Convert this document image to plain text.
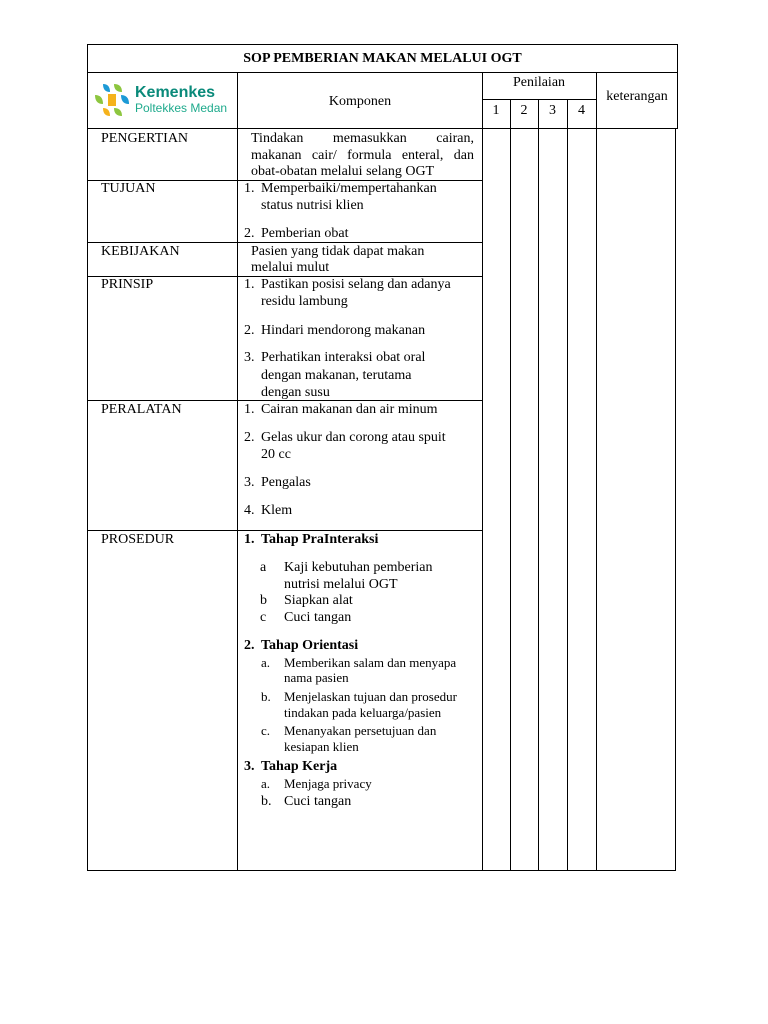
SOP PEMBERIAN MAKAN MELALUI OGT
Kemenkes
Poltekkes Medan	Komponen
Penilaian
1	2	3	4
keterangan
PENGERTIAN	Tindakan memasukkan cairan,
makanan cair/ formula enteral, dan
obat-obatan melalui selang OGT
TUJUAN	1. Memperbaiki/mempertahankan
status nutrisi klien
2. Pemberian obat
KEBIJAKAN	Pasien yang tidak dapat makan
melalui mulut
PRINSIP	1. Pastikan posisi selang dan adanya
residu lambung
2. Hindari mendorong makanan
3. Perhatikan interaksi obat oral
dengan makanan, terutama
dengan susu
PERALATAN	1. Cairan makanan dan air minum
2. Gelas ukur dan corong atau spuit
20 cc
3. Pengalas
4. Klem
PROSEDUR	1. Tahap PraInteraksi
a Kaji kebutuhan pemberian
nutrisi melalui OGT
b Siapkan alat
c Cuci tangan
2. Tahap Orientasi
a. Memberikan salam dan menyapa
nama pasien
b. Menjelaskan tujuan dan prosedur
tindakan pada keluarga/pasien
c. Menanyakan persetujuan dan
kesiapan klien
3. Tahap Kerja
a. Menjaga privacy
b. Cuci tangan
